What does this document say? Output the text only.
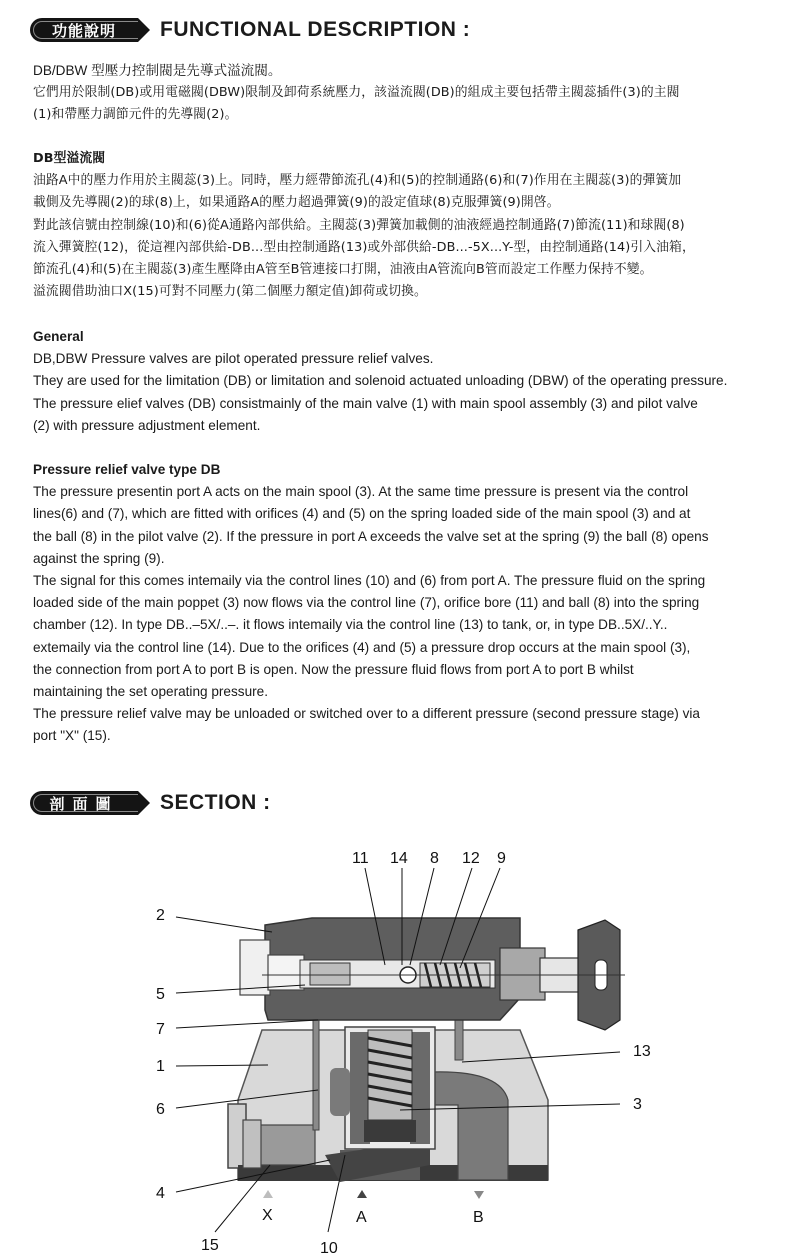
功能說明 FUNCTIONAL DESCRIPTION :

DB/DBW 型壓力控制閥是先導式溢流閥。

它們用於限制(DB)或用電磁閥(DBW)限制及卸荷系統壓力，該溢流閥(DB)的組成主要包括帶主閥蕊插件(3)的主閥

(1)和帶壓力調節元件的先導閥(2)。

DB型溢流閥

油路A中的壓力作用於主閥蕊(3)上。同時，壓力經帶節流孔(4)和(5)的控制通路(6)和(7)作用在主閥蕊(3)的彈簧加

載側及先導閥(2)的球(8)上，如果通路A的壓力超過彈簧(9)的設定值球(8)克服彈簧(9)開啓。

對此該信號由控制線(10)和(6)從A通路內部供給。主閥蕊(3)彈簧加載側的油液經過控制通路(7)節流(11)和球閥(8)

流入彈簧腔(12)，從這裡內部供給-DB...型由控制通路(13)或外部供給-DB...-5X...Y-型，由控制通路(14)引入油箱，

節流孔(4)和(5)在主閥蕊(3)產生壓降由A管至B管連接口打開，油液由A管流向B管而設定工作壓力保持不變。

溢流閥借助油口X(15)可對不同壓力(第二個壓力額定值)卸荷或切換。

General

DB,DBW Pressure valves are pilot operated pressure relief valves.

They are used for the limitation (DB) or limitation and solenoid actuated unloading (DBW) of the operating pressure.

The pressure elief valves (DB) consistmainly of the main valve (1) with main spool assembly (3) and pilot valve

(2) with pressure adjustment element.

Pressure relief valve type DB

The pressure presentin port A acts on the main spool (3). At the same time pressure is present via the control

lines(6) and (7), which are fitted with orifices (4) and (5) on the spring loaded side of the main spool (3) and at

the ball (8) in the pilot valve (2). If the pressure in port A exceeds the valve set at the spring (9) the ball (8) opens

against the spring (9).

The signal for this comes intemaily via the control lines (10) and (6) from port A. The pressure fluid on the spring

loaded side of the main poppet (3) now flows via the control line (7), orifice bore (11) and ball (8) into the spring

chamber (12). In type DB..–5X/..–. it flows intemaily via the control line (13) to tank, or, in type DB..5X/..Y..

extemaily via the control line (14). Due to the orifices (4) and (5) a pressure drop occurs at the main spool (3),

the connection from port A to port B is open. Now the pressure fluid flows from port A to port B whilst

maintaining the set operating pressure.

The pressure relief valve may be unloaded or switched over to a different pressure (second pressure stage) via

port "X" (15).

剖面圖 SECTION :
11 14 8 12 9
2
5
7
1
6
4
13
3
15	10
X	A	B
